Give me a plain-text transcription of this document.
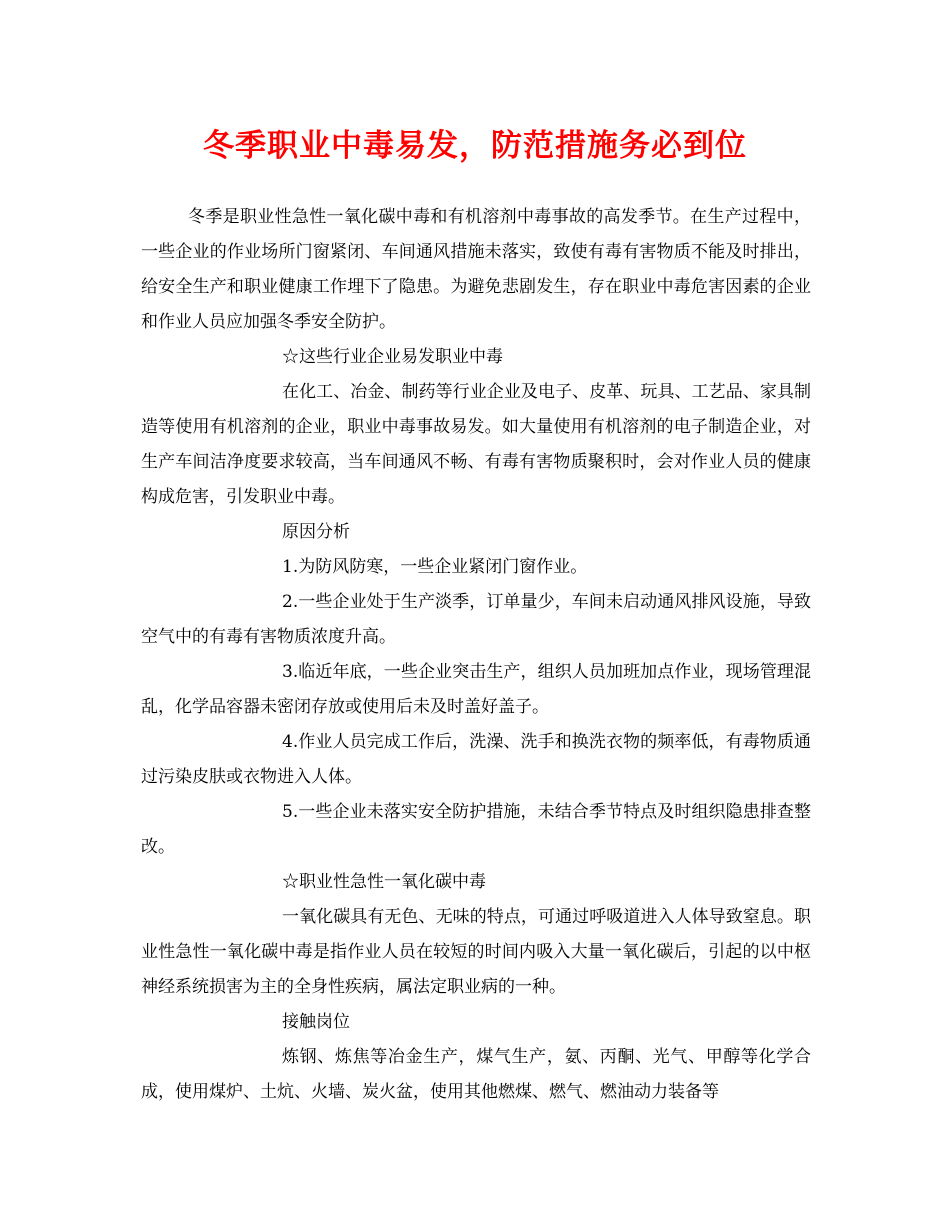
冬季职业中毒易发，防范措施务必到位

冬季是职业性急性一氧化碳中毒和有机溶剂中毒事故的高发季节。在生产过程中，一些企业的作业场所门窗紧闭、车间通风措施未落实，致使有毒有害物质不能及时排出，给安全生产和职业健康工作埋下了隐患。为避免悲剧发生，存在职业中毒危害因素的企业和作业人员应加强冬季安全防护。

☆这些行业企业易发职业中毒

在化工、冶金、制药等行业企业及电子、皮革、玩具、工艺品、家具制造等使用有机溶剂的企业，职业中毒事故易发。如大量使用有机溶剂的电子制造企业，对生产车间洁净度要求较高，当车间通风不畅、有毒有害物质聚积时，会对作业人员的健康构成危害，引发职业中毒。

原因分析

1.为防风防寒，一些企业紧闭门窗作业。

2.一些企业处于生产淡季，订单量少，车间未启动通风排风设施，导致空气中的有毒有害物质浓度升高。

3.临近年底，一些企业突击生产，组织人员加班加点作业，现场管理混乱，化学品容器未密闭存放或使用后未及时盖好盖子。

4.作业人员完成工作后，洗澡、洗手和换洗衣物的频率低，有毒物质通过污染皮肤或衣物进入人体。

5.一些企业未落实安全防护措施，未结合季节特点及时组织隐患排查整改。

☆职业性急性一氧化碳中毒

一氧化碳具有无色、无味的特点，可通过呼吸道进入人体导致窒息。职业性急性一氧化碳中毒是指作业人员在较短的时间内吸入大量一氧化碳后，引起的以中枢神经系统损害为主的全身性疾病，属法定职业病的一种。

接触岗位

炼钢、炼焦等冶金生产，煤气生产，氨、丙酮、光气、甲醇等化学合成，使用煤炉、土炕、火墙、炭火盆，使用其他燃煤、燃气、燃油动力装备等
